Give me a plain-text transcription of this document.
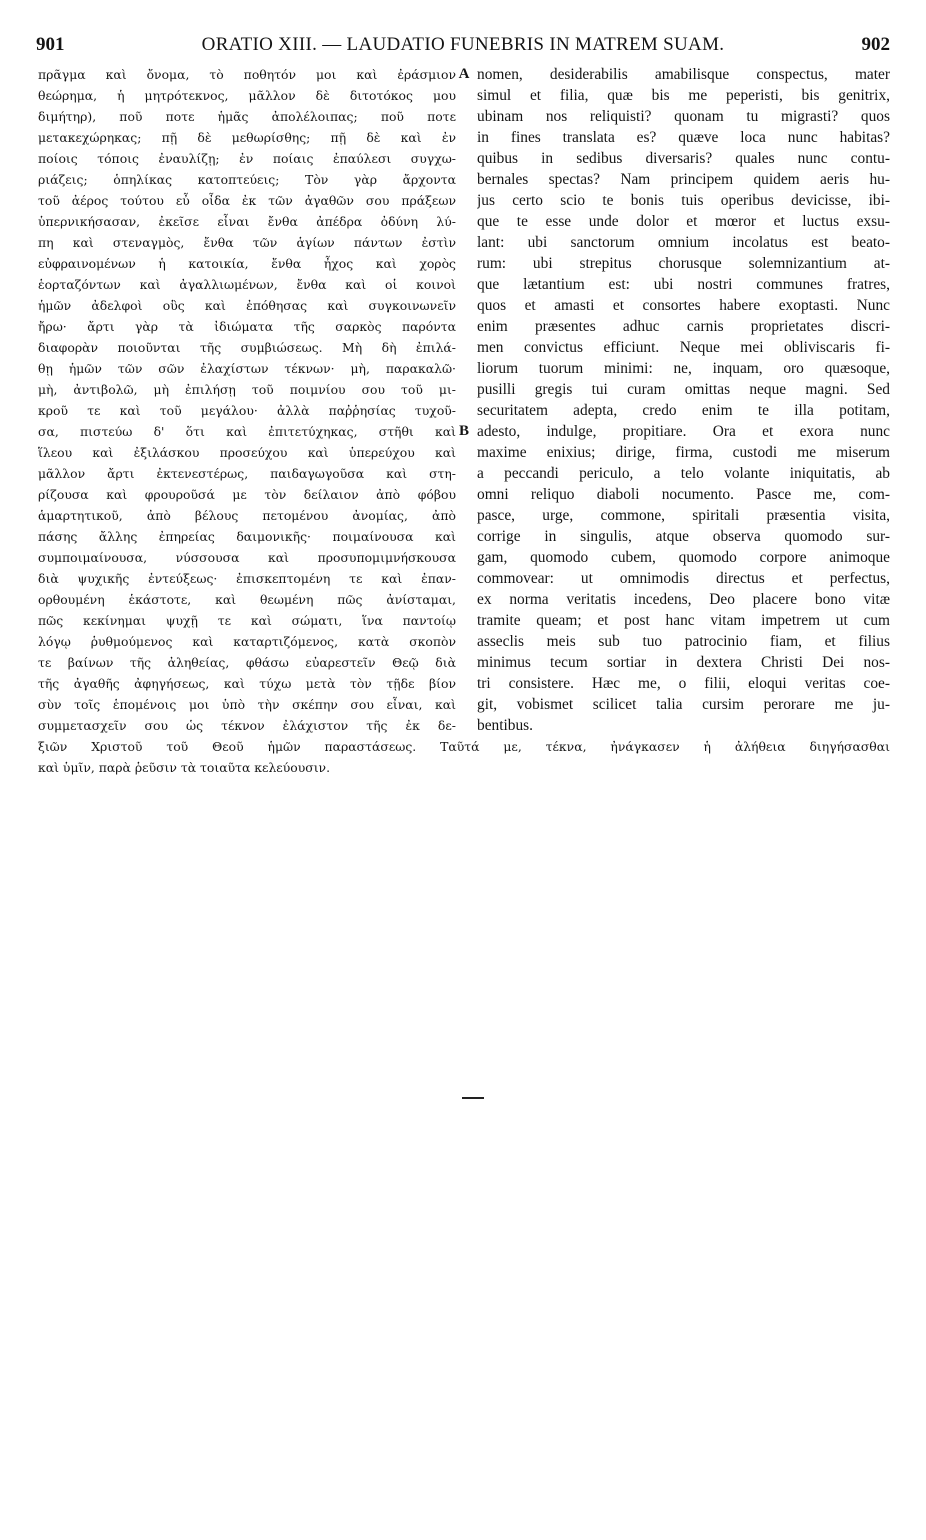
901	ORATIO XIII. — LAUDATIO FUNEBRIS IN MATREM SUAM.	902
πρᾶγμα καὶ ὄνομα, τὸ ποθητόν μοι καὶ ἐράσμιον
θεώρημα, ἡ μητρότεκνος, μᾶλλον δὲ διτοτόκος μου
διμήτηρ), ποῦ ποτε ἡμᾶς ἀπολέλοιπας; ποῦ ποτε
μετακεχώρηκας; πῇ δὲ μεθωρίσθης; πῇ δὲ καὶ ἐν
ποίοις τόποις ἐναυλίζῃ; ἐν ποίαις ἐπαύλεσι συγχω-
ριάζεις; ὁπηλίκας κατοπτεύεις; Τὸν γὰρ ἄρχοντα
τοῦ ἀέρος τούτου εὖ οἶδα ἐκ τῶν ἀγαθῶν σου πράξεων
ὑπερνικήσασαν, ἐκεῖσε εἶναι ἔνθα ἀπέδρα ὀδύνη λύ-
πη καὶ στεναγμὸς, ἔνθα τῶν ἁγίων πάντων ἐστὶν
εὐφραινομένων ἡ κατοικία, ἔνθα ἦχος καὶ χορὸς
ἑορταζόντων καὶ ἀγαλλιωμένων, ἔνθα καὶ οἱ κοινοὶ
ἡμῶν ἀδελφοὶ οὓς καὶ ἐπόθησας καὶ συγκοινωνεῖν
ἤρω· ἄρτι γὰρ τὰ ἰδιώματα τῆς σαρκὸς παρόντα
διαφορὰν ποιοῦνται τῆς συμβιώσεως. Μὴ δὴ ἐπιλά-
θῃ ἡμῶν τῶν σῶν ἐλαχίστων τέκνων· μὴ, παρακαλῶ·
μὴ, ἀντιβολῶ, μὴ ἐπιλήσῃ τοῦ ποιμνίου σου τοῦ μι-
κροῦ τε καὶ τοῦ μεγάλου· ἀλλὰ παῤῥησίας τυχοῦ-
σα, πιστεύω δ' ὅτι καὶ ἐπιτετύχηκας, στῆθι καὶ
ἵλεου καὶ ἐξιλάσκου προσεύχου καὶ ὑπερεύχου καὶ
μᾶλλον ἄρτι ἐκτενεστέρως, παιδαγωγοῦσα καὶ στη-
ρίζουσα καὶ φρουροῦσά με τὸν δείλαιον ἀπὸ φόβου
ἁμαρτητικοῦ, ἀπὸ βέλους πετομένου ἀνομίας, ἀπὸ
πάσης ἄλλης ἐπηρείας δαιμονικῆς· ποιμαίνουσα καὶ
συμποιμαίνουσα, νύσσουσα καὶ προσυπομιμνήσκουσα
διὰ ψυχικῆς ἐντεύξεως· ἐπισκεπτομένη τε καὶ ἐπαν-
ορθουμένη ἑκάστοτε, καὶ θεωμένη πῶς ἀνίσταμαι,
πῶς κεκίνημαι ψυχῇ τε καὶ σώματι, ἵνα παντοίῳ
λόγῳ ῥυθμούμενος καὶ καταρτιζόμενος, κατὰ σκοπὸν
τε βαίνων τῆς ἀληθείας, φθάσω εὐαρεστεῖν Θεῷ διὰ
τῆς ἀγαθῆς ἀφηγήσεως, καὶ τύχω μετὰ τὸν τῇδε βίον
σὺν τοῖς ἑπομένοις μοι ὑπὸ τὴν σκέπην σου εἶναι, καὶ
συμμετασχεῖν σου ὡς τέκνον ἐλάχιστον τῆς ἐκ δε-
ξιῶν Χριστοῦ τοῦ Θεοῦ ἡμῶν παραστάσεως. Ταῦτά με, τέκνα, ἠνάγκασεν ἡ ἀλήθεια διηγήσασθαι
καὶ ὑμῖν, παρὰ ῥεῦσιν τὰ τοιαῦτα κελεύουσιν.
A
B
nomen, desiderabilis amabilisque conspectus, mater
simul et filia, quæ bis me peperisti, bis genitrix,
ubinam nos reliquisti? quonam tu migrasti? quos
in fines translata es? quæve loca nunc habitas?
quibus in sedibus diversaris? quales nunc contu-
bernales spectas? Nam principem quidem aeris hu-
jus certo scio te bonis tuis operibus devicisse, ibi-
que te esse unde dolor et mœror et luctus exsu-
lant: ubi sanctorum omnium incolatus est beato-
rum: ubi strepitus chorusque solemnizantium at-
que lætantium est: ubi nostri communes fratres,
quos et amasti et consortes habere exoptasti. Nunc
enim præsentes adhuc carnis proprietates discri-
men convictus efficiunt. Neque mei obliviscaris fi-
liorum tuorum minimi: ne, inquam, oro quæsoque,
pusilli gregis tui curam omittas neque magni. Sed
securitatem adepta, credo enim te illa potitam,
adesto, indulge, propitiare. Ora et exora nunc
maxime enixius; dirige, firma, custodi me miserum
a peccandi periculo, a telo volante iniquitatis, ab
omni reliquo diaboli nocumento. Pasce me, com-
pasce, urge, commone, spiritali præsentia visita,
corrige in singulis, atque observa quomodo sur-
gam, quomodo cubem, quomodo corpore animoque
commovear: ut omnimodis directus et perfectus,
ex norma veritatis incedens, Deo placere bono vitæ
tramite queam; et post hanc vitam impetrem ut cum
asseclis meis sub tuo patrocinio fiam, et filius
minimus tecum sortiar in dextera Christi Dei nos-
tri consistere. Hæc me, o filii, eloqui veritas coe-
git, vobismet scilicet talia cursim perorare me ju-
bentibus.
